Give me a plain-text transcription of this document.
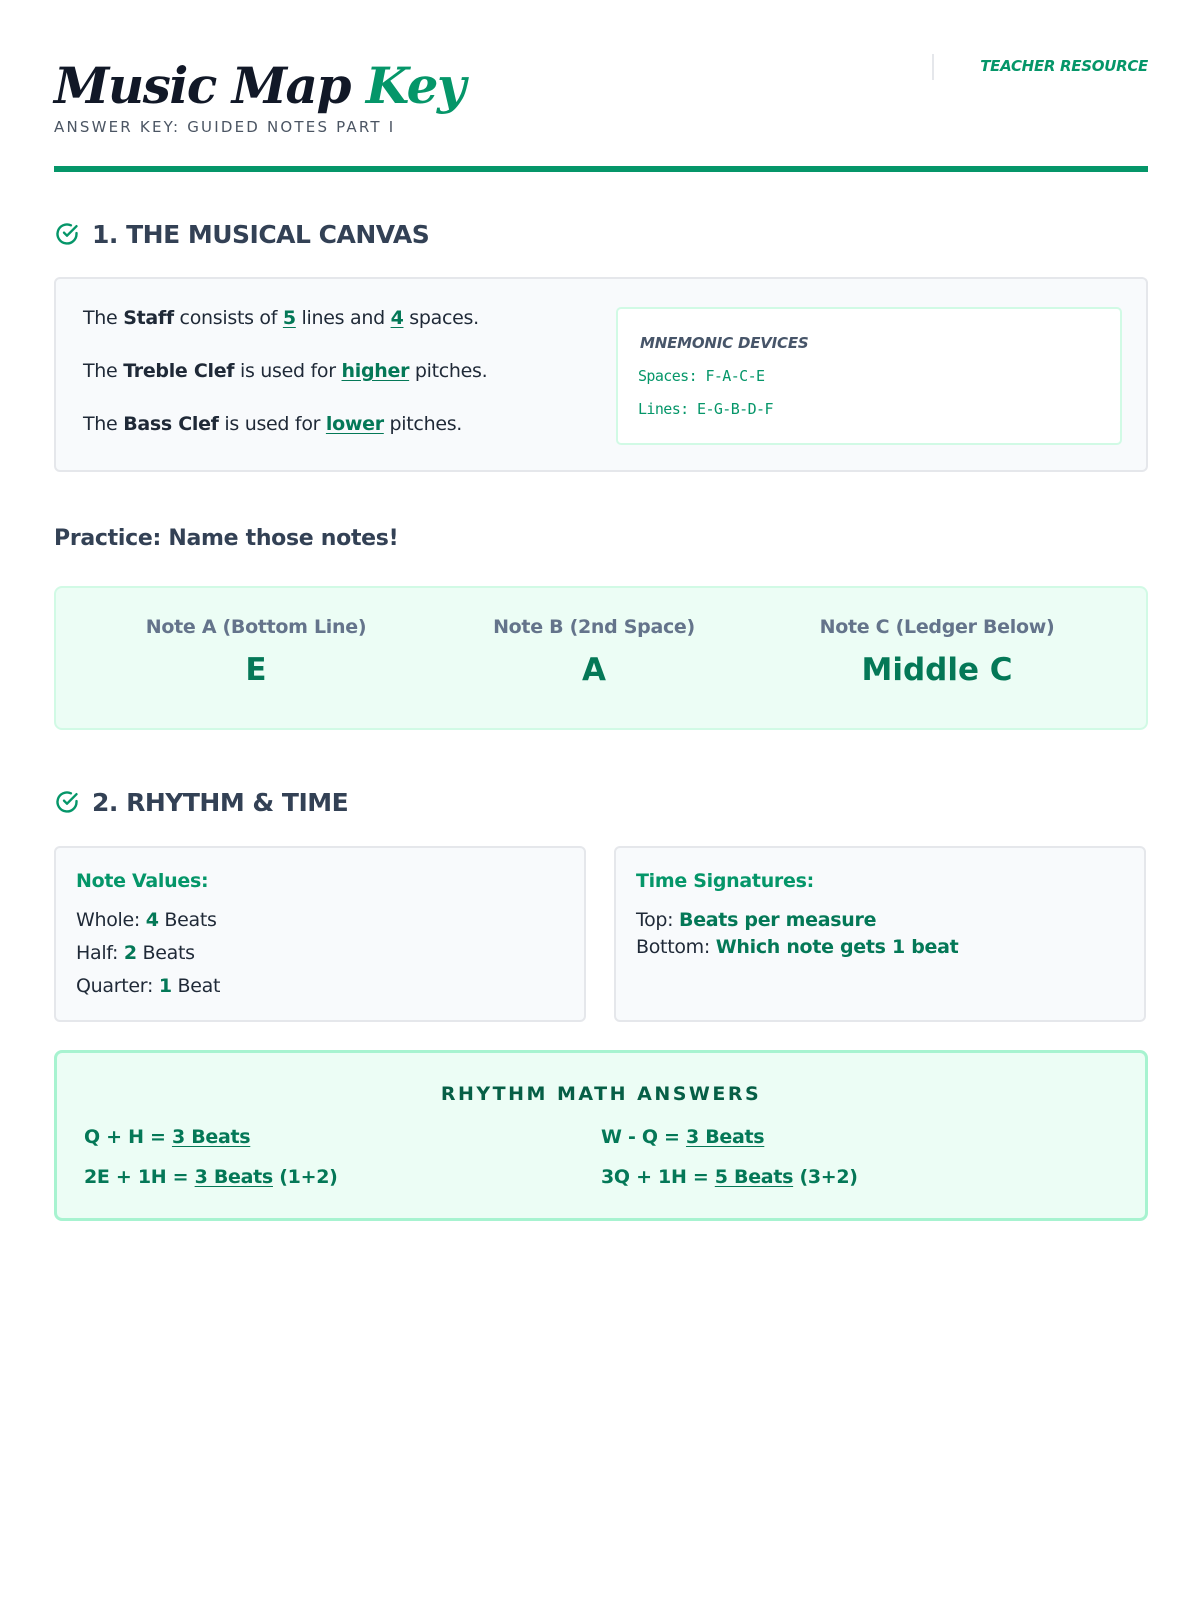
Music Map Key
ANSWER KEY: GUIDED NOTES PART I
TEACHER RESOURCE
1. THE MUSICAL CANVAS
The Staff consists of 5 lines and 4 spaces.
The Treble Clef is used for higher pitches.
The Bass Clef is used for lower pitches.
MNEMONIC DEVICES
Spaces: F-A-C-E
Lines: E-G-B-D-F
Practice: Name those notes!
Note A (Bottom Line)
E
Note B (2nd Space)
A
Note C (Ledger Below)
Middle C
2. RHYTHM & TIME
Note Values:
Whole: 4 Beats
Half: 2 Beats
Quarter: 1 Beat
Time Signatures:
Top: Beats per measure
Bottom: Which note gets 1 beat
RHYTHM MATH ANSWERS
Q + H = 3 Beats	W - Q = 3 Beats
2E + 1H = 3 Beats (1+2)	3Q + 1H = 5 Beats (3+2)
